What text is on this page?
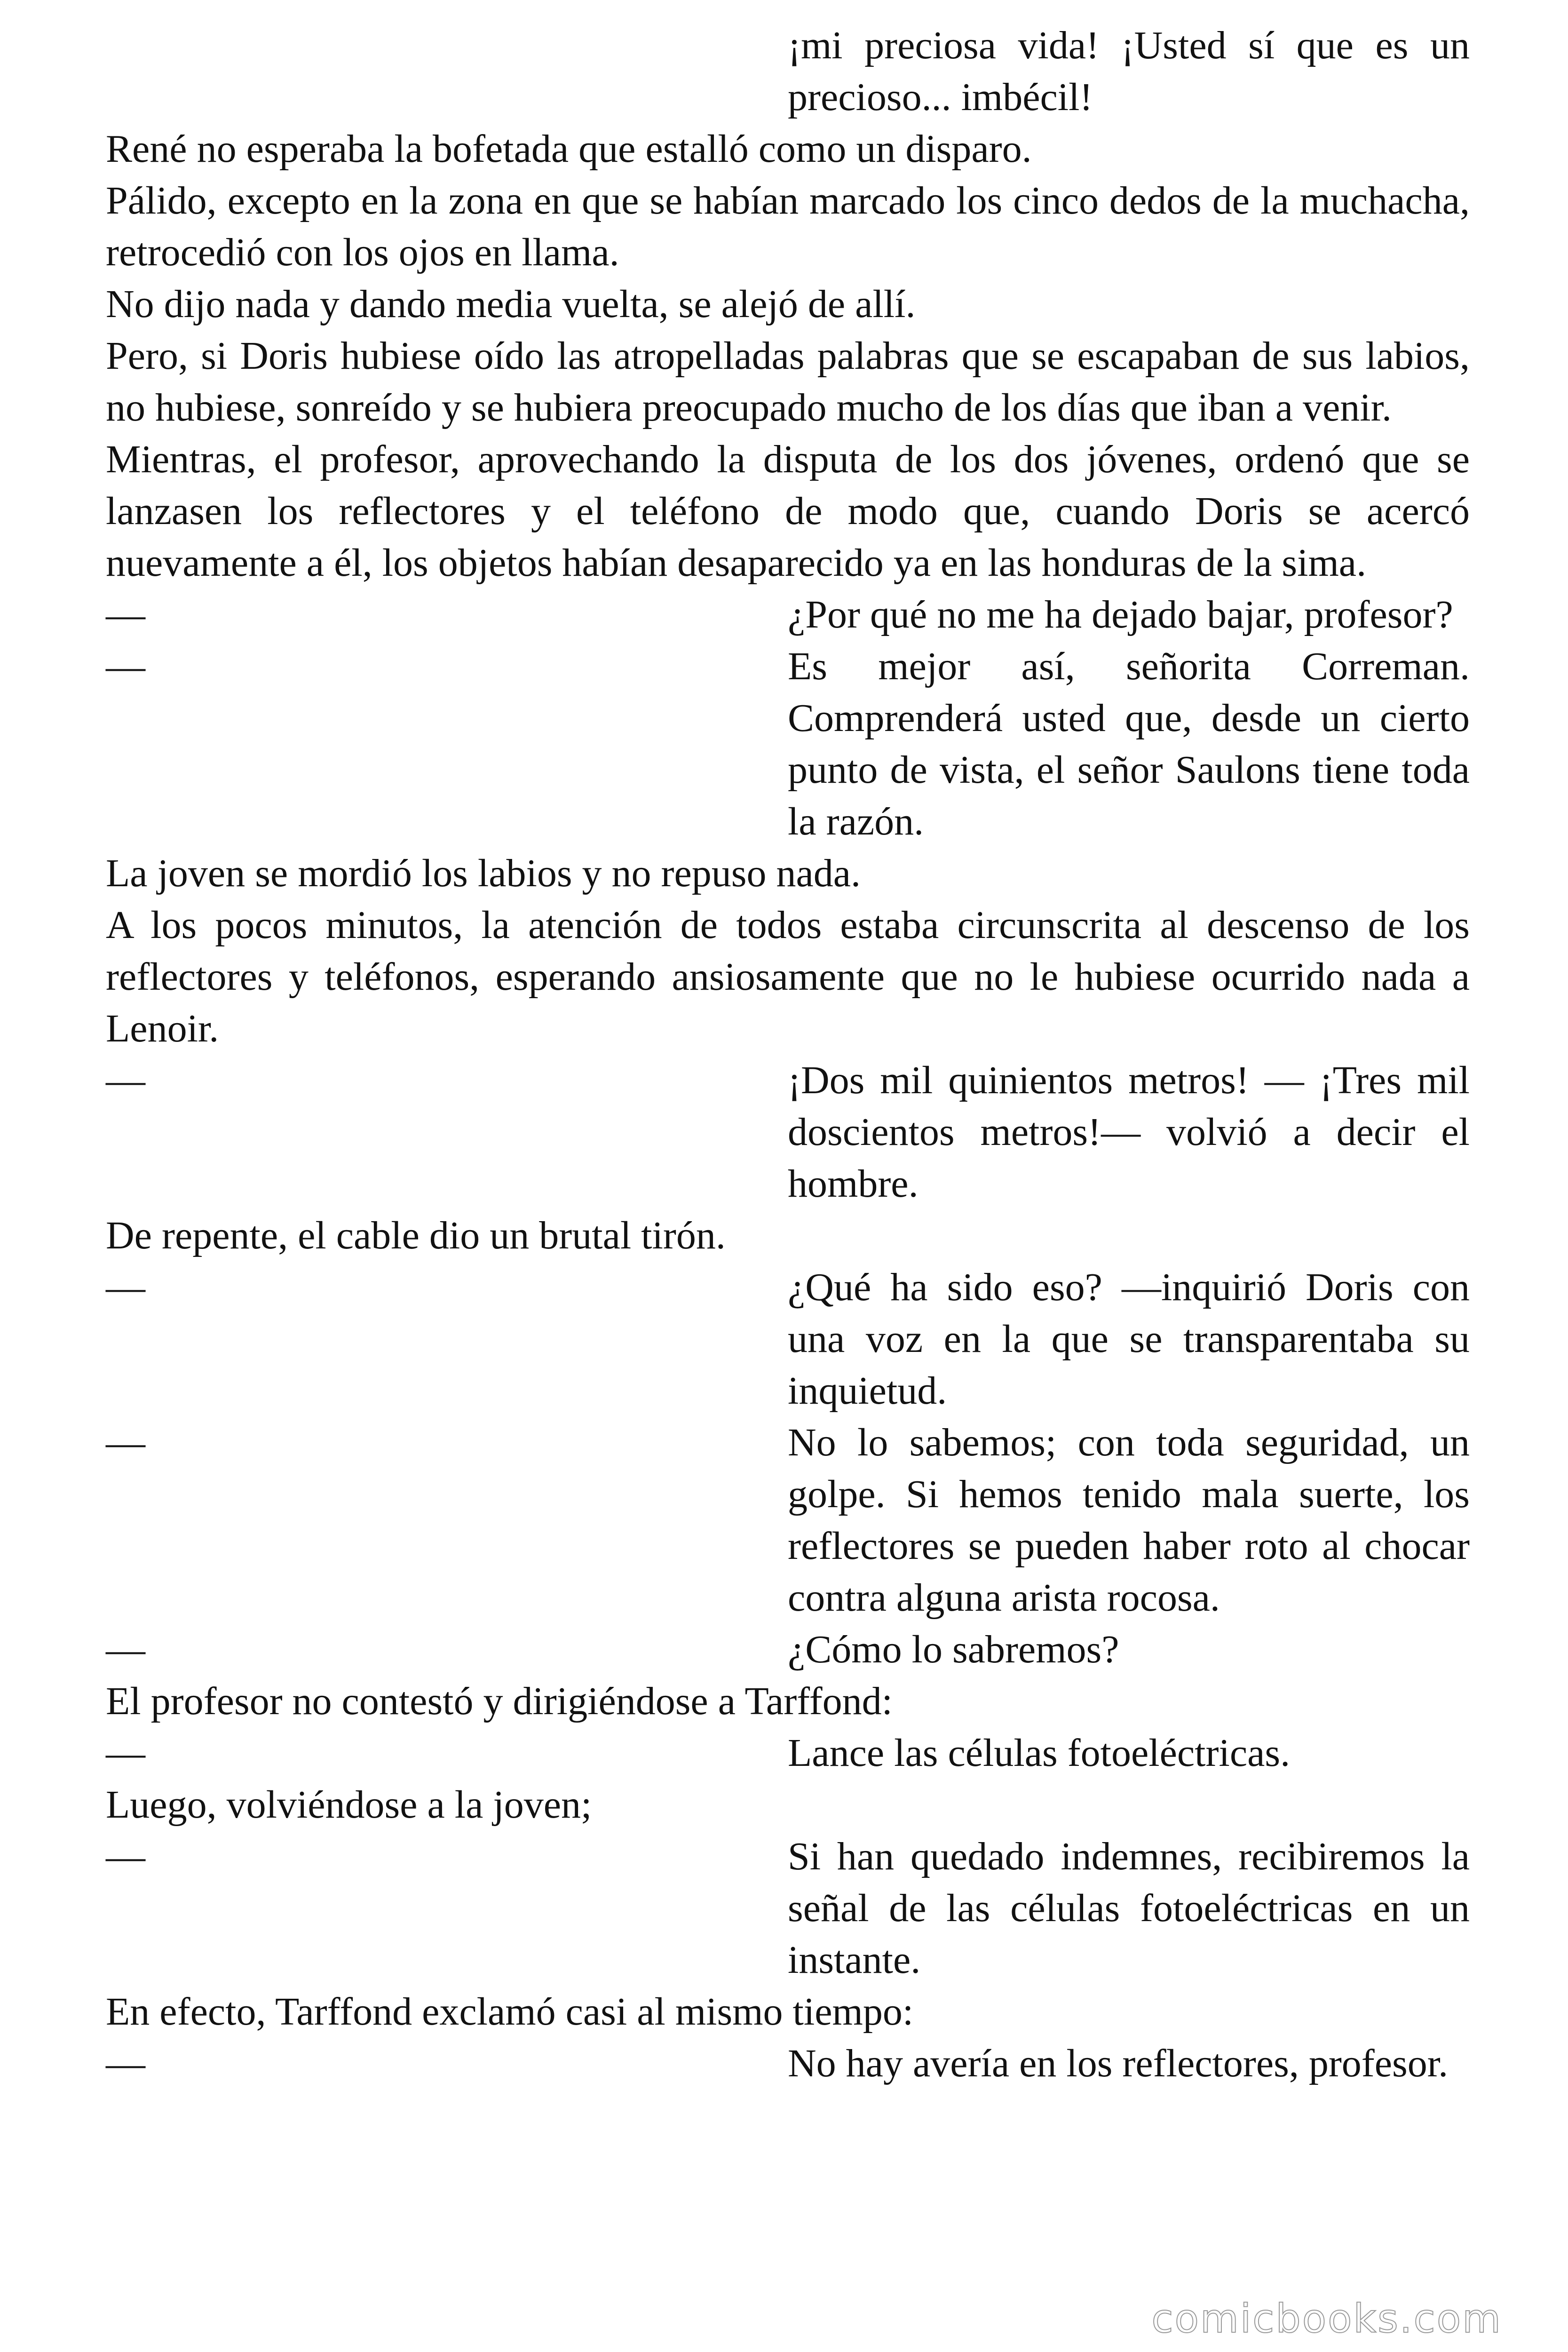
¡mi preciosa vida! ¡Usted sí que es un precioso... imbécil!

René no esperaba la bofetada que estalló como un disparo.

Pálido, excepto en la zona en que se habían marcado los cinco dedos de la muchacha, retrocedió con los ojos en llama.

No dijo nada y dando media vuelta, se alejó de allí.

Pero, si Doris hubiese oído las atropelladas palabras que se escapaban de sus labios, no hubiese, sonreído y se hubiera preocupado mucho de los días que iban a venir.

Mientras, el profesor, aprovechando la disputa de los dos jóvenes, ordenó que se lanzasen los reflectores y el teléfono de modo que, cuando Doris se acercó nuevamente a él, los objetos habían desaparecido ya en las honduras de la sima.

—	¿Por qué no me ha dejado bajar, profesor?
—	Es mejor así, señorita Correman. Comprenderá usted que, desde un cierto punto de vista, el señor Saulons tiene toda la razón.

La joven se mordió los labios y no repuso nada.

A los pocos minutos, la atención de todos estaba circunscrita al descenso de los reflectores y teléfonos, esperando ansiosamente que no le hubiese ocurrido nada a Lenoir.

—	¡Dos mil quinientos metros! — ¡Tres mil doscientos metros!— volvió a decir el hombre.

De repente, el cable dio un brutal tirón.

—	¿Qué ha sido eso? —inquirió Doris con una voz en la que se transparentaba su inquietud.
—	No lo sabemos; con toda seguridad, un golpe. Si hemos tenido mala suerte, los reflectores se pueden haber roto al chocar contra alguna arista rocosa.
—	¿Cómo lo sabremos?

El profesor no contestó y dirigiéndose a Tarffond:

—	Lance las células fotoeléctricas.

Luego, volviéndose a la joven;

—	Si han quedado indemnes, recibiremos la señal de las células fotoeléctricas en un instante.

En efecto, Tarffond exclamó casi al mismo tiempo:

—	No hay avería en los reflectores, profesor.
comicbooks.com
